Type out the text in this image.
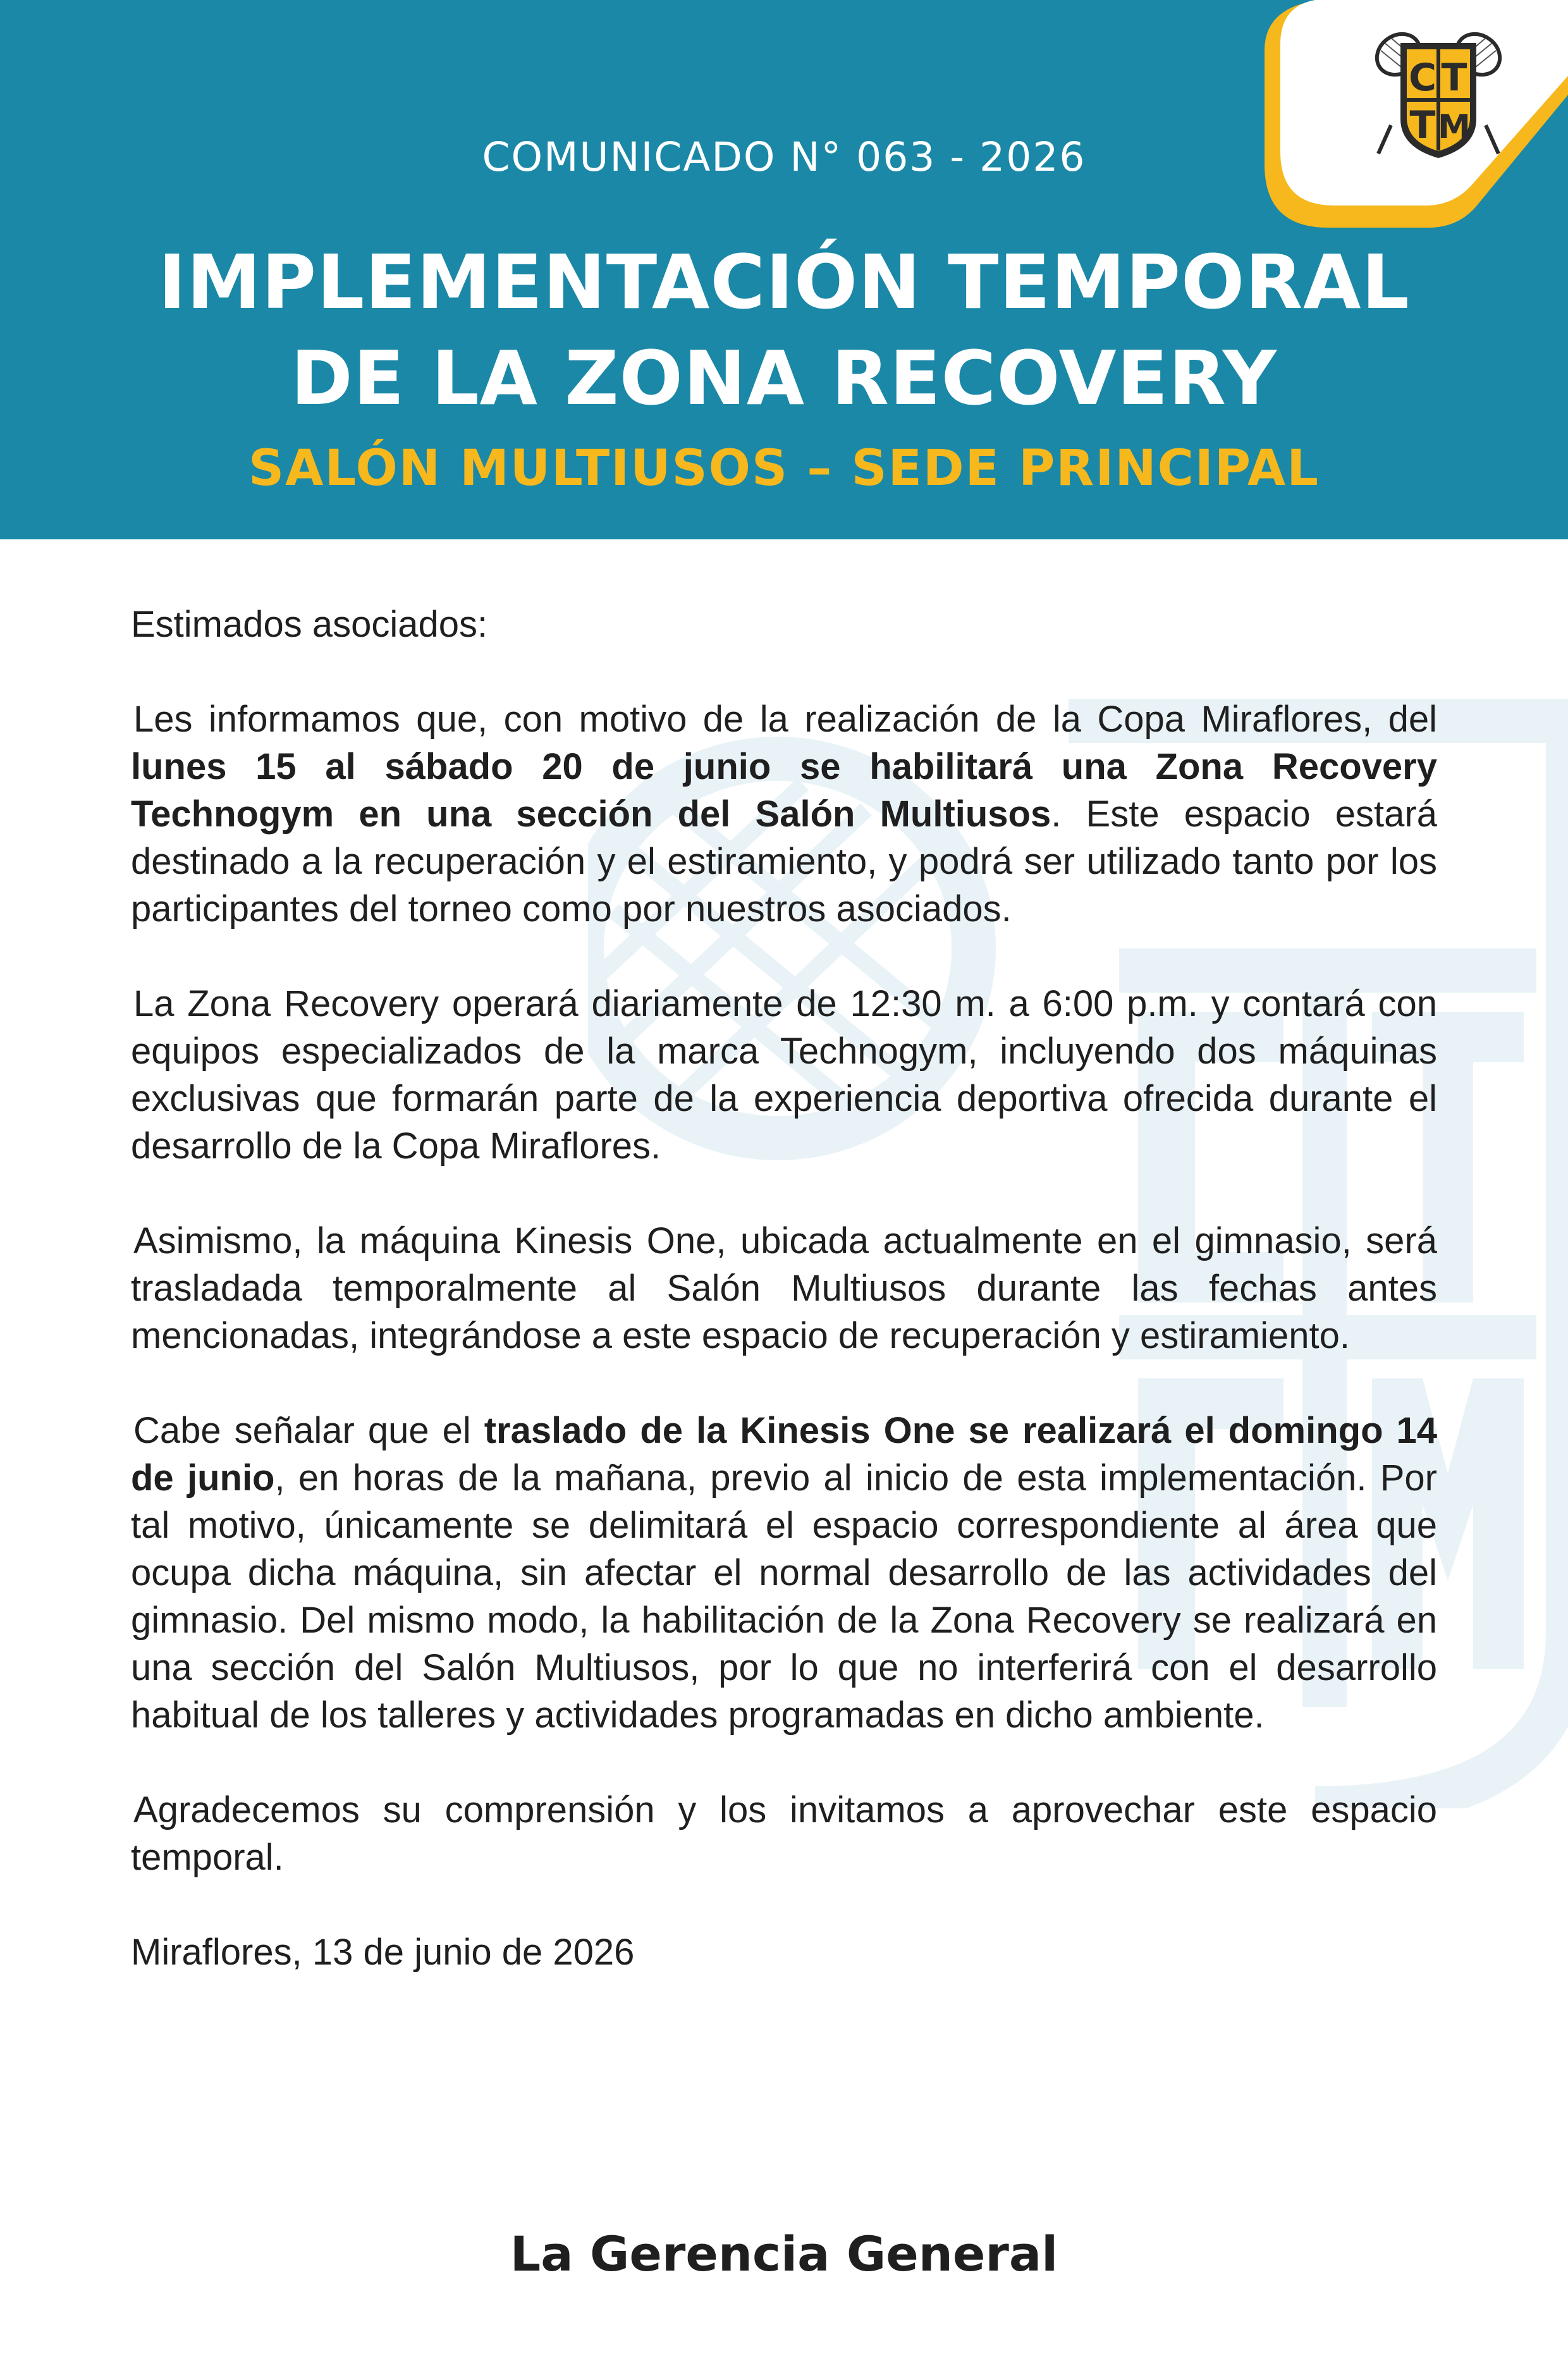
C T
T M
COMUNICADO N° 063 - 2026
IMPLEMENTACIÓN TEMPORAL
DE LA ZONA RECOVERY
SALÓN MULTIUSOS – SEDE PRINCIPAL

Estimados asociados:

Les informamos que, con motivo de la realización de la Copa Miraflores, del lunes 15 al sábado 20 de junio se habilitará una Zona Recovery Technogym en una sección del Salón Multiusos. Este espacio estará destinado a la recuperación y el estiramiento, y podrá ser utilizado tanto por los participantes del torneo como por nuestros asociados.

La Zona Recovery operará diariamente de 12:30 m. a 6:00 p.m. y contará con equipos especializados de la marca Technogym, incluyendo dos máquinas exclusivas que formarán parte de la experiencia deportiva ofrecida durante el desarrollo de la Copa Miraflores.

Asimismo, la máquina Kinesis One, ubicada actualmente en el gimnasio, será trasladada temporalmente al Salón Multiusos durante las fechas antes mencionadas, integrándose a este espacio de recuperación y estiramiento.

Cabe señalar que el traslado de la Kinesis One se realizará el domingo 14 de junio, en horas de la mañana, previo al inicio de esta implementación. Por tal motivo, únicamente se delimitará el espacio correspondiente al área que ocupa dicha máquina, sin afectar el normal desarrollo de las actividades del gimnasio. Del mismo modo, la habilitación de la Zona Recovery se realizará en una sección del Salón Multiusos, por lo que no interferirá con el desarrollo habitual de los talleres y actividades programadas en dicho ambiente.

Agradecemos su comprensión y los invitamos a aprovechar este espacio temporal.

Miraflores, 13 de junio de 2026

La Gerencia General
